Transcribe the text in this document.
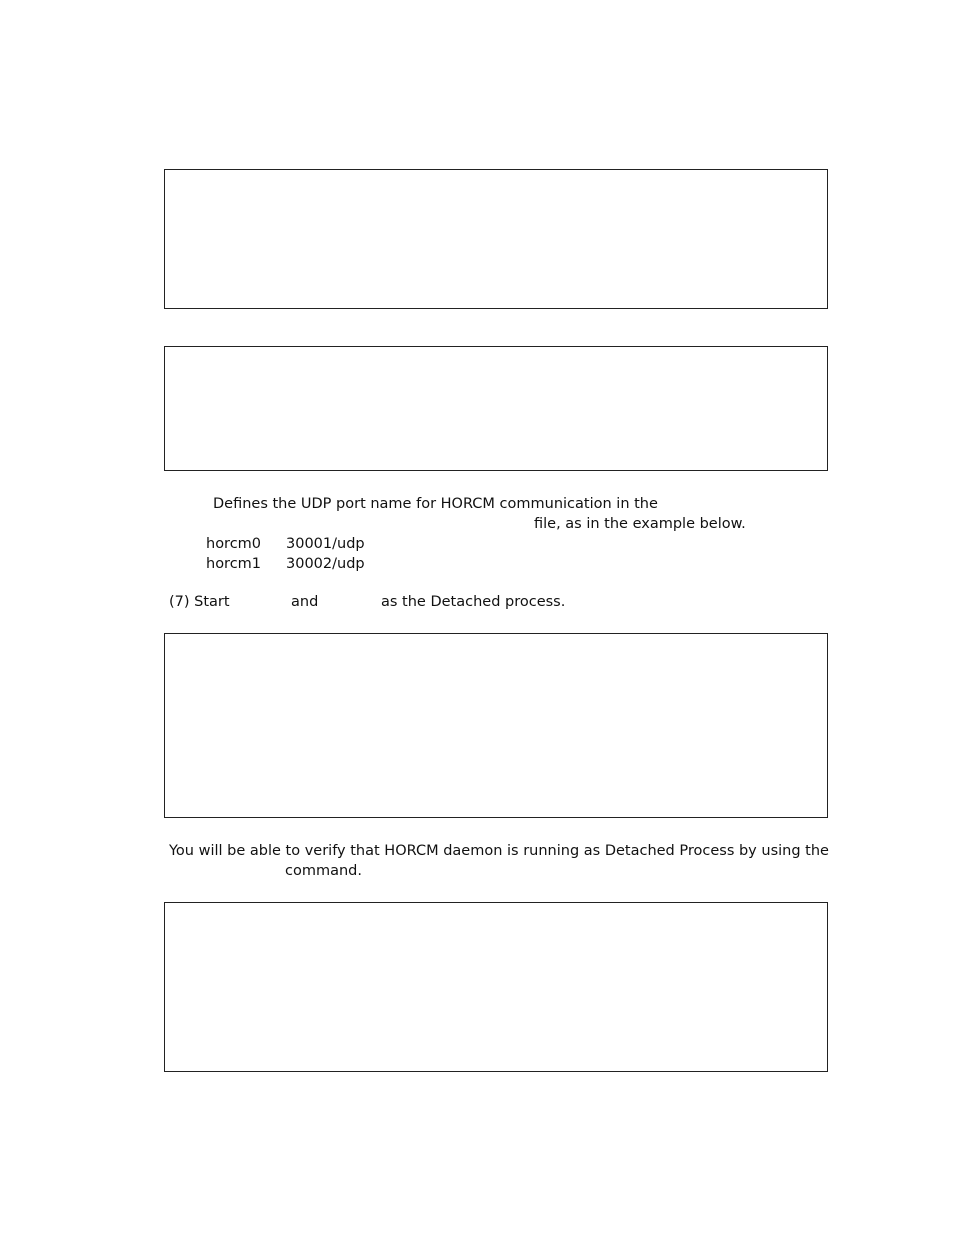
Defines the UDP port name for HORCM communication in the
file, as in the example below.
horcm0 30001/udp
horcm1 30002/udp
(7) Start	and	as the Detached process.
You will be able to verify that HORCM daemon is running as Detached Process by using the
command.
